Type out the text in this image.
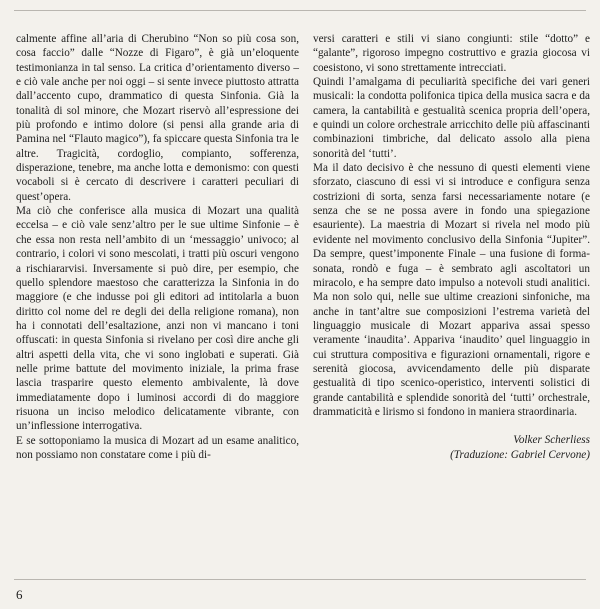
calmente affine all’aria di Cherubino “Non so più cosa son, cosa faccio” dalle “Nozze di Figaro”, è già un’eloquente testimonianza in tal senso. La critica d’orientamento diverso – e ciò vale anche per noi oggi – si sente invece piuttosto attratta dall’accento cupo, drammatico di questa Sinfonia. Già la tonalità di sol minore, che Mozart riservò all’espressione dei più profondo e intimo dolore (si pensi alla grande aria di Pamina nel “Flauto magico”), fa spiccare questa Sinfonia tra le altre. Tragicità, cordoglio, compianto, sofferenza, disperazione, tenebre, ma anche lotta e demonismo: con questi vocaboli si è cercato di descrivere i caratteri peculiari di quest’opera.

Ma ciò che conferisce alla musica di Mozart una qualità eccelsa – e ciò vale senz’altro per le sue ultime Sinfonie – è che essa non resta nell’ambito di un ‘messaggio’ univoco; al contrario, i colori vi sono mescolati, i tratti più oscuri vengono a rischiararvisi. Inversamente si può dire, per esempio, che quello splendore maestoso che caratterizza la Sinfonia in do maggiore (e che indusse poi gli editori ad intitolarla a buon diritto col nome del re degli dei della religione romana), non ha i connotati dell’esaltazione, anzi non vi mancano i toni offuscati: in questa Sinfonia si rivelano per così dire anche gli altri aspetti della vita, che vi sono inglobati e superati. Già nelle prime battute del movimento iniziale, la prima frase lascia trasparire questo elemento ambivalente, là dove immediatamente dopo i luminosi accordi di do maggiore risuona un inciso melodico delicatamente vibrante, con un’inflessione interrogativa.

E se sottoponiamo la musica di Mozart ad un esame analitico, non possiamo non constatare come i più di-

versi caratteri e stili vi siano congiunti: stile “dotto” e “galante”, rigoroso impegno costruttivo e grazia giocosa vi coesistono, vi sono strettamente intrecciati.

Quindi l’amalgama di peculiarità specifiche dei vari generi musicali: la condotta polifonica tipica della musica sacra e da camera, la cantabilità e gestualità scenica propria dell’opera, e quindi un colore orchestrale arricchito delle più affascinanti combinazioni timbriche, dal delicato assolo alla piena sonorità del ‘tutti’.

Ma il dato decisivo è che nessuno di questi elementi viene sforzato, ciascuno di essi vi si introduce e configura senza costrizioni di sorta, senza farsi necessariamente notare (e senza che se ne possa avere in fondo una spiegazione esauriente). La maestria di Mozart si rivela nel modo più evidente nel movimento conclusivo della Sinfonia “Jupiter”. Da sempre, quest’imponente Finale – una fusione di forma-sonata, rondò e fuga – è sembrato agli ascoltatori un miracolo, e ha sempre dato impulso a notevoli studi analitici. Ma non solo qui, nelle sue ultime creazioni sinfoniche, ma anche in tant’altre sue composizioni l’estrema varietà del linguaggio musicale di Mozart appariva assai spesso veramente ‘inaudita’. Appariva ‘inaudito’ quel linguaggio in cui struttura compositiva e figurazioni ornamentali, rigore e serenità giocosa, avvicendamento delle più disparate gestualità di tipo scenico-operistico, interventi solistici di grande cantabilità e splendide sonorità del ‘tutti’ orchestrale, drammaticità e lirismo si fondono in maniera straordinaria.

Volker Scherliess
(Traduzione: Gabriel Cervone)
6
